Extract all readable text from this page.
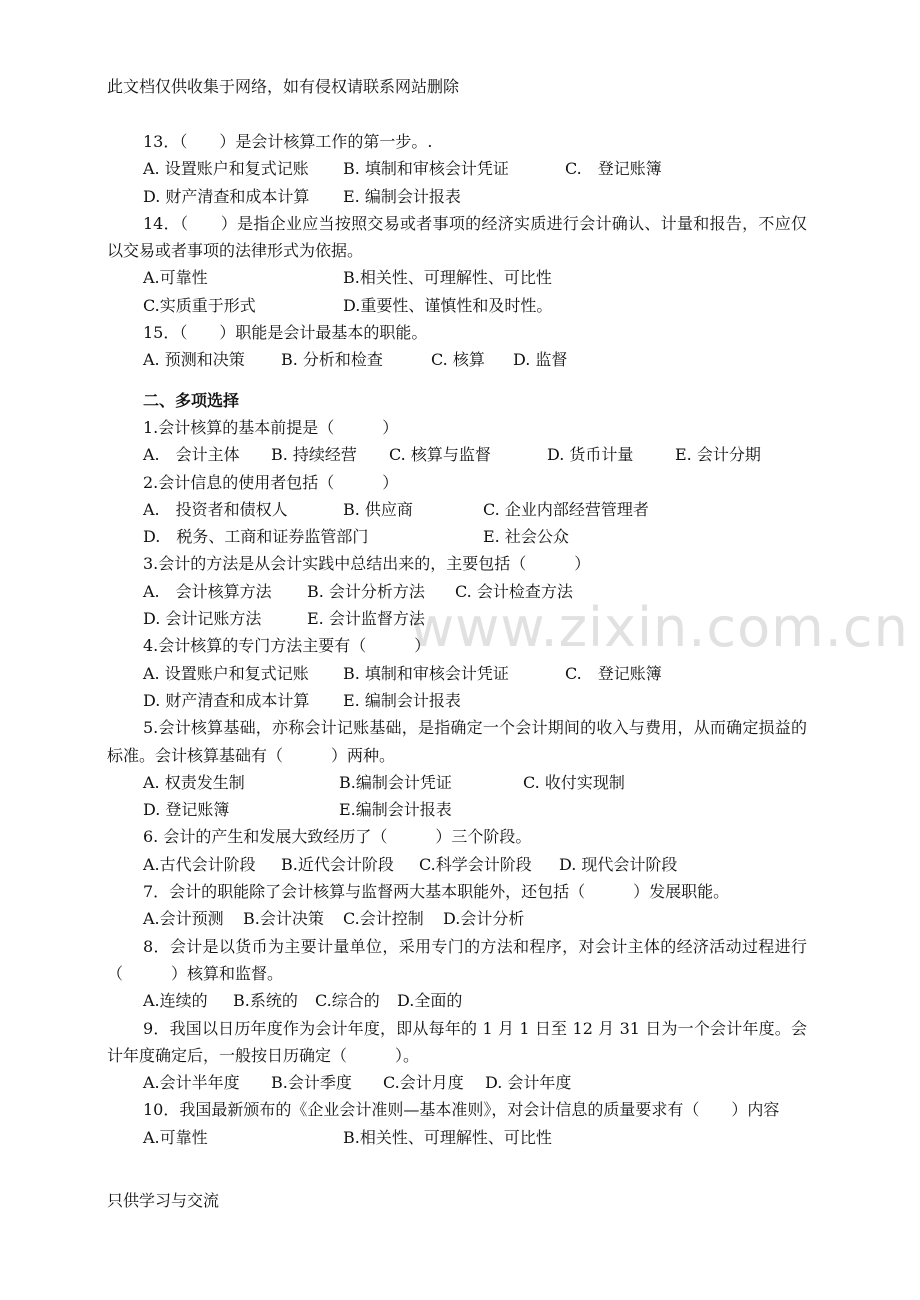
此文档仅供收集于网络，如有侵权请联系网站删除
www.zixin.com.cn
13．（　　）是会计核算工作的第一步。.
A. 设置账户和复式记账 B. 填制和审核会计凭证	C.　登记账簿
D. 财产清查和成本计算 E. 编制会计报表
14．（　　）是指企业应当按照交易或者事项的经济实质进行会计确认、计量和报告，不应仅以交易或者事项的法律形式为依据。
A.可靠性	B.相关性、可理解性、可比性
C.实质重于形式	D.重要性、谨慎性和及时性。
15．（　　）职能是会计最基本的职能。
A. 预测和决策 B. 分析和检查	C. 核算 D. 监督
二、多项选择
1.会计核算的基本前提是（　　　）
A.　会计主体 B. 持续经营 C. 核算与监督	D. 货币计量	E. 会计分期
2.会计信息的使用者包括（　　　）
A.　投资者和债权人	B. 供应商	C. 企业内部经营管理者
D.　税务、工商和证券监管部门	E. 社会公众
3.会计的方法是从会计实践中总结出来的，主要包括（　　　）
A.　会计核算方法 B. 会计分析方法 C. 会计检查方法
D. 会计记账方法	E. 会计监督方法
4.会计核算的专门方法主要有（　　　）
A. 设置账户和复式记账 B. 填制和审核会计凭证	C.　登记账簿
D. 财产清查和成本计算 E. 编制会计报表
5.会计核算基础，亦称会计记账基础，是指确定一个会计期间的收入与费用，从而确定损益的标准。会计核算基础有（　　　）两种。
A. 权责发生制	B.编制会计凭证	C. 收付实现制
D. 登记账簿	E.编制会计报表
6. 会计的产生和发展大致经历了（　　　）三个阶段。
A.古代会计阶段 B.近代会计阶段 C.科学会计阶段 D. 现代会计阶段
7．会计的职能除了会计核算与监督两大基本职能外，还包括（　　　）发展职能。
A.会计预测 B.会计决策 C.会计控制 D.会计分析
8．会计是以货币为主要计量单位，采用专门的方法和程序，对会计主体的经济活动过程进行（　　　）核算和监督。
A.连续的 B.系统的 C.综合的 D.全面的
9．我国以日历年度作为会计年度，即从每年的 1 月 1 日至 12 月 31 日为一个会计年度。会计年度确定后，一般按日历确定（　　　）。
A.会计半年度 B.会计季度 C.会计月度 D. 会计年度
10．我国最新颁布的《企业会计准则—基本准则》，对会计信息的质量要求有（　　）内容
A.可靠性	B.相关性、可理解性、可比性
只供学习与交流
